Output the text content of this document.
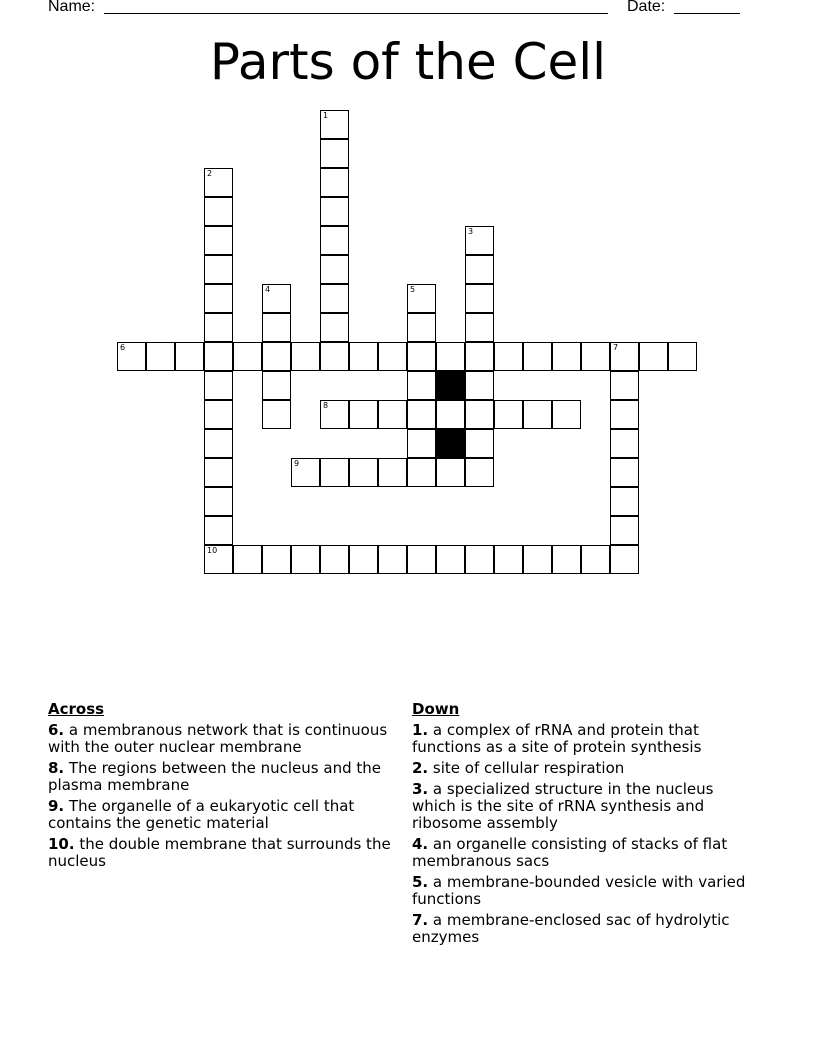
Name:	Date:
Parts of the Cell
6	7
8
9
10
1
2
3
4	5
Across
6. a membranous network that is continuous with the outer nuclear membrane
8. The regions between the nucleus and the plasma membrane
9. The organelle of a eukaryotic cell that contains the genetic material
10. the double membrane that surrounds the nucleus
Down
1. a complex of rRNA and protein that functions as a site of protein synthesis
2. site of cellular respiration
3. a specialized structure in the nucleus which is the site of rRNA synthesis and ribosome assembly
4. an organelle consisting of stacks of flat membranous sacs
5. a membrane-bounded vesicle with varied functions
7. a membrane-enclosed sac of hydrolytic enzymes
